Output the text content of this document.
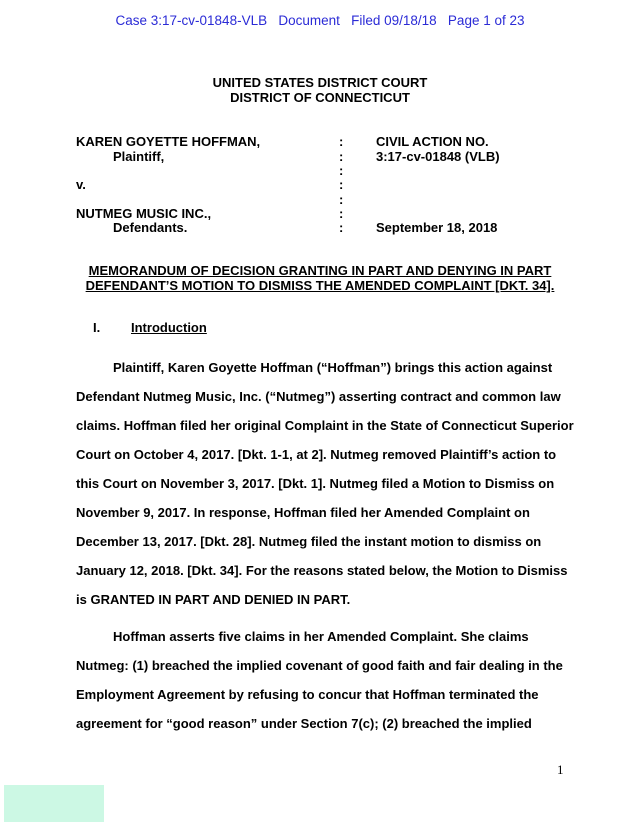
Case 3:17-cv-01848-VLB   Document   Filed 09/18/18   Page 1 of 23
UNITED STATES DISTRICT COURT
DISTRICT OF CONNECTICUT
KAREN GOYETTE HOFFMAN,
Plaintiff,
v.
NUTMEG MUSIC INC.,
Defendants.
:
:
:
:
:
:
:
CIVIL ACTION NO.
3:17-cv-01848 (VLB)
September 18, 2018
MEMORANDUM OF DECISION GRANTING IN PART AND DENYING IN PART
DEFENDANT’S MOTION TO DISMISS THE AMENDED COMPLAINT [DKT. 34].
I. Introduction
Plaintiff, Karen Goyette Hoffman (“Hoffman”) brings this action against
Defendant Nutmeg Music, Inc. (“Nutmeg”) asserting contract and common law
claims. Hoffman filed her original Complaint in the State of Connecticut Superior
Court on October 4, 2017. [Dkt. 1-1, at 2]. Nutmeg removed Plaintiff’s action to
this Court on November 3, 2017. [Dkt. 1]. Nutmeg filed a Motion to Dismiss on
November 9, 2017. In response, Hoffman filed her Amended Complaint on
December 13, 2017. [Dkt. 28]. Nutmeg filed the instant motion to dismiss on
January 12, 2018. [Dkt. 34]. For the reasons stated below, the Motion to Dismiss
is GRANTED IN PART AND DENIED IN PART.
Hoffman asserts five claims in her Amended Complaint. She claims
Nutmeg: (1) breached the implied covenant of good faith and fair dealing in the
Employment Agreement by refusing to concur that Hoffman terminated the
agreement for “good reason” under Section 7(c); (2) breached the implied
1
